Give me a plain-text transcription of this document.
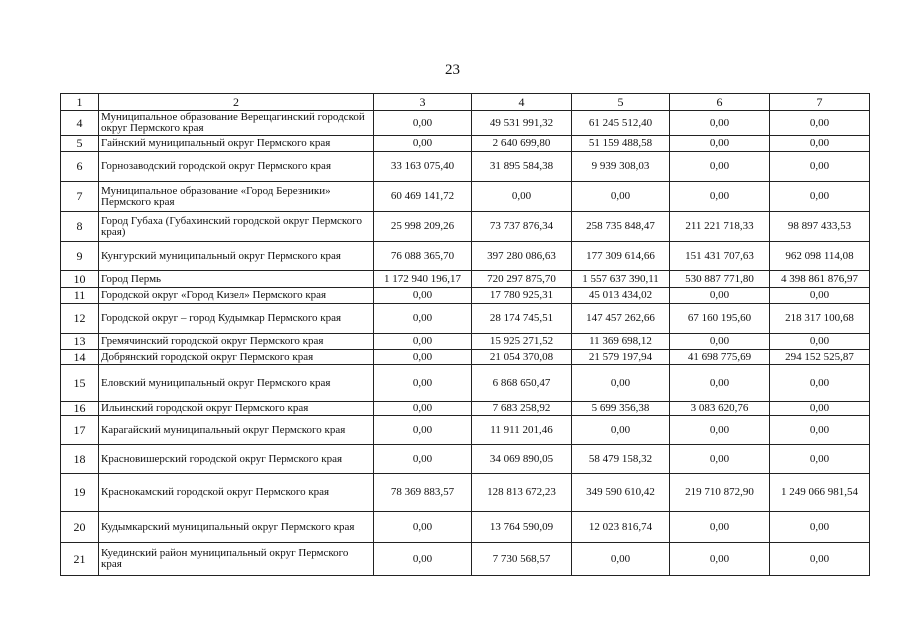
23
1	2	3	4	5	6	7
4	Муниципальное образование Верещагинский городской округ Пермского края	0,00	49 531 991,32	61 245 512,40	0,00	0,00
5	Гайнский муниципальный округ Пермского края	0,00	2 640 699,80	51 159 488,58	0,00	0,00
6	Горнозаводский городской округ Пермского края	33 163 075,40	31 895 584,38	9 939 308,03	0,00	0,00
7	Муниципальное образование «Город Березники» Пермского края	60 469 141,72	0,00	0,00	0,00	0,00
8	Город Губаха (Губахинский городской округ Пермского края)	25 998 209,26	73 737 876,34	258 735 848,47	211 221 718,33	98 897 433,53
9	Кунгурский муниципальный округ Пермского края	76 088 365,70	397 280 086,63	177 309 614,66	151 431 707,63	962 098 114,08
10	Город Пермь	1 172 940 196,17	720 297 875,70	1 557 637 390,11	530 887 771,80	4 398 861 876,97
11	Городской округ «Город Кизел» Пермского края	0,00	17 780 925,31	45 013 434,02	0,00	0,00
12	Городской округ – город Кудымкар Пермского края	0,00	28 174 745,51	147 457 262,66	67 160 195,60	218 317 100,68
13	Гремячинский городской округ Пермского края	0,00	15 925 271,52	11 369 698,12	0,00	0,00
14	Добрянский городской округ Пермского края	0,00	21 054 370,08	21 579 197,94	41 698 775,69	294 152 525,87
15	Еловский муниципальный округ Пермского края	0,00	6 868 650,47	0,00	0,00	0,00
16	Ильинский городской округ Пермского края	0,00	7 683 258,92	5 699 356,38	3 083 620,76	0,00
17	Карагайский муниципальный округ Пермского края	0,00	11 911 201,46	0,00	0,00	0,00
18	Красновишерский городской округ Пермского края	0,00	34 069 890,05	58 479 158,32	0,00	0,00
19	Краснокамский городской округ Пермского края	78 369 883,57	128 813 672,23	349 590 610,42	219 710 872,90	1 249 066 981,54
20	Кудымкарский муниципальный округ Пермского края	0,00	13 764 590,09	12 023 816,74	0,00	0,00
21	Куединский район муниципальный округ Пермского края	0,00	7 730 568,57	0,00	0,00	0,00
